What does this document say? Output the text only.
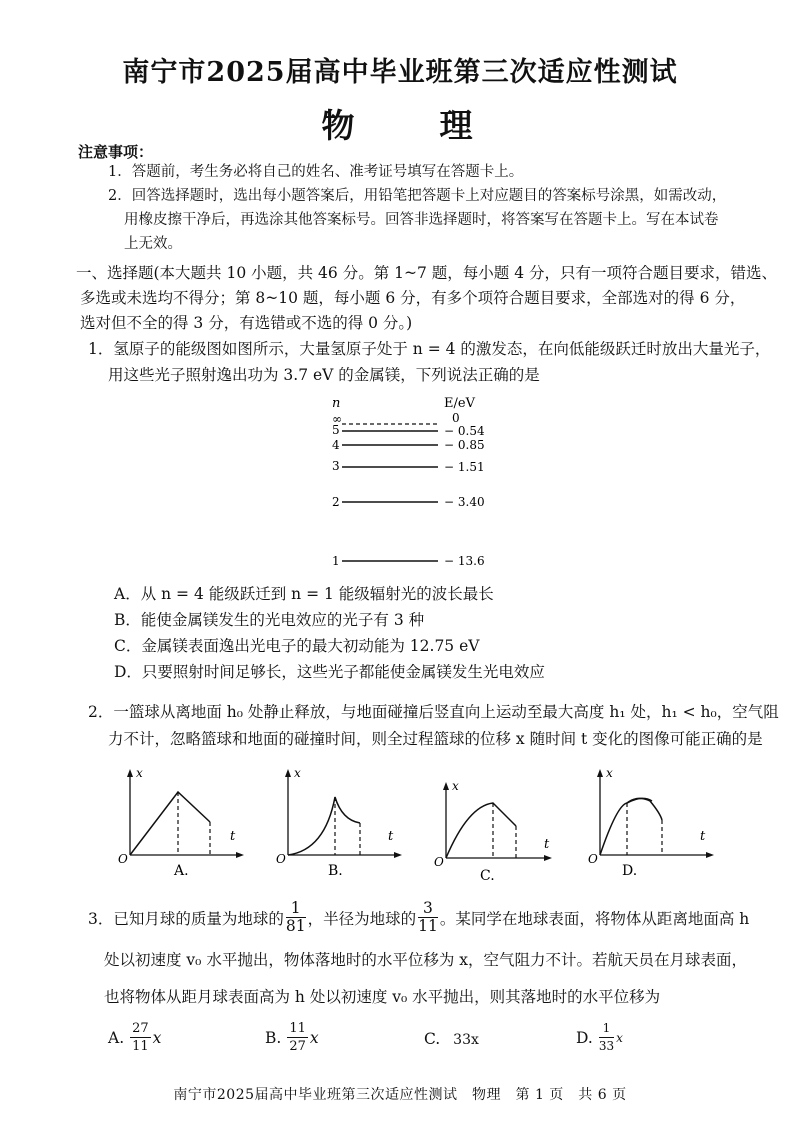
南宁市2025届高中毕业班第三次适应性测试
物　理
注意事项：
1．答题前，考生务必将自己的姓名、准考证号填写在答题卡上。
2．回答选择题时，选出每小题答案后，用铅笔把答题卡上对应题目的答案标号涂黑，如需改动，
用橡皮擦干净后，再选涂其他答案标号。回答非选择题时，将答案写在答题卡上。写在本试卷
上无效。
一、选择题(本大题共 10 小题，共 46 分。第 1~7 题，每小题 4 分，只有一项符合题目要求，错选、
多选或未选均不得分；第 8~10 题，每小题 6 分，有多个项符合题目要求，全部选对的得 6 分，
选对但不全的得 3 分，有选错或不选的得 0 分。)
1．氢原子的能级图如图所示，大量氢原子处于 n = 4 的激发态，在向低能级跃迁时放出大量光子，
用这些光子照射逸出功为 3.7 eV 的金属镁，下列说法正确的是
n	E/eV
∞	0
5	− 0.54
4	− 0.85
3	− 1.51
2	− 3.40
1	− 13.6
A．从 n = 4 能级跃迁到 n = 1 能级辐射光的波长最长
B．能使金属镁发生的光电效应的光子有 3 种
C．金属镁表面逸出光电子的最大初动能为 12.75 eV
D．只要照射时间足够长，这些光子都能使金属镁发生光电效应
2．一篮球从离地面 h₀ 处静止释放，与地面碰撞后竖直向上运动至最大高度 h₁ 处，h₁ < h₀，空气阻
力不计，忽略篮球和地面的碰撞时间，则全过程篮球的位移 x 随时间 t 变化的图像可能正确的是
x
t
O
A.
x
t
O
B.
x
t
O
C.
x
t
O
D.
3．已知月球的质量为地球的 $\frac{1}{81}$ ，半径为地球的 $\frac{3}{11}$ 。某同学在地球表面，将物体从距离地面高 h
处以初速度 v₀ 水平抛出，物体落地时的水平位移为 x，空气阻力不计。若航天员在月球表面，
也将物体从距月球表面高为 h 处以初速度 v₀ 水平抛出，则其落地时的水平位移为
A. $\frac{27}{11}$ x	B. $\frac{11}{27}$ x	C. 33x	D. $\frac{1}{33}$ x
南宁市2025届高中毕业班第三次适应性测试　物理　第 1 页　共 6 页
